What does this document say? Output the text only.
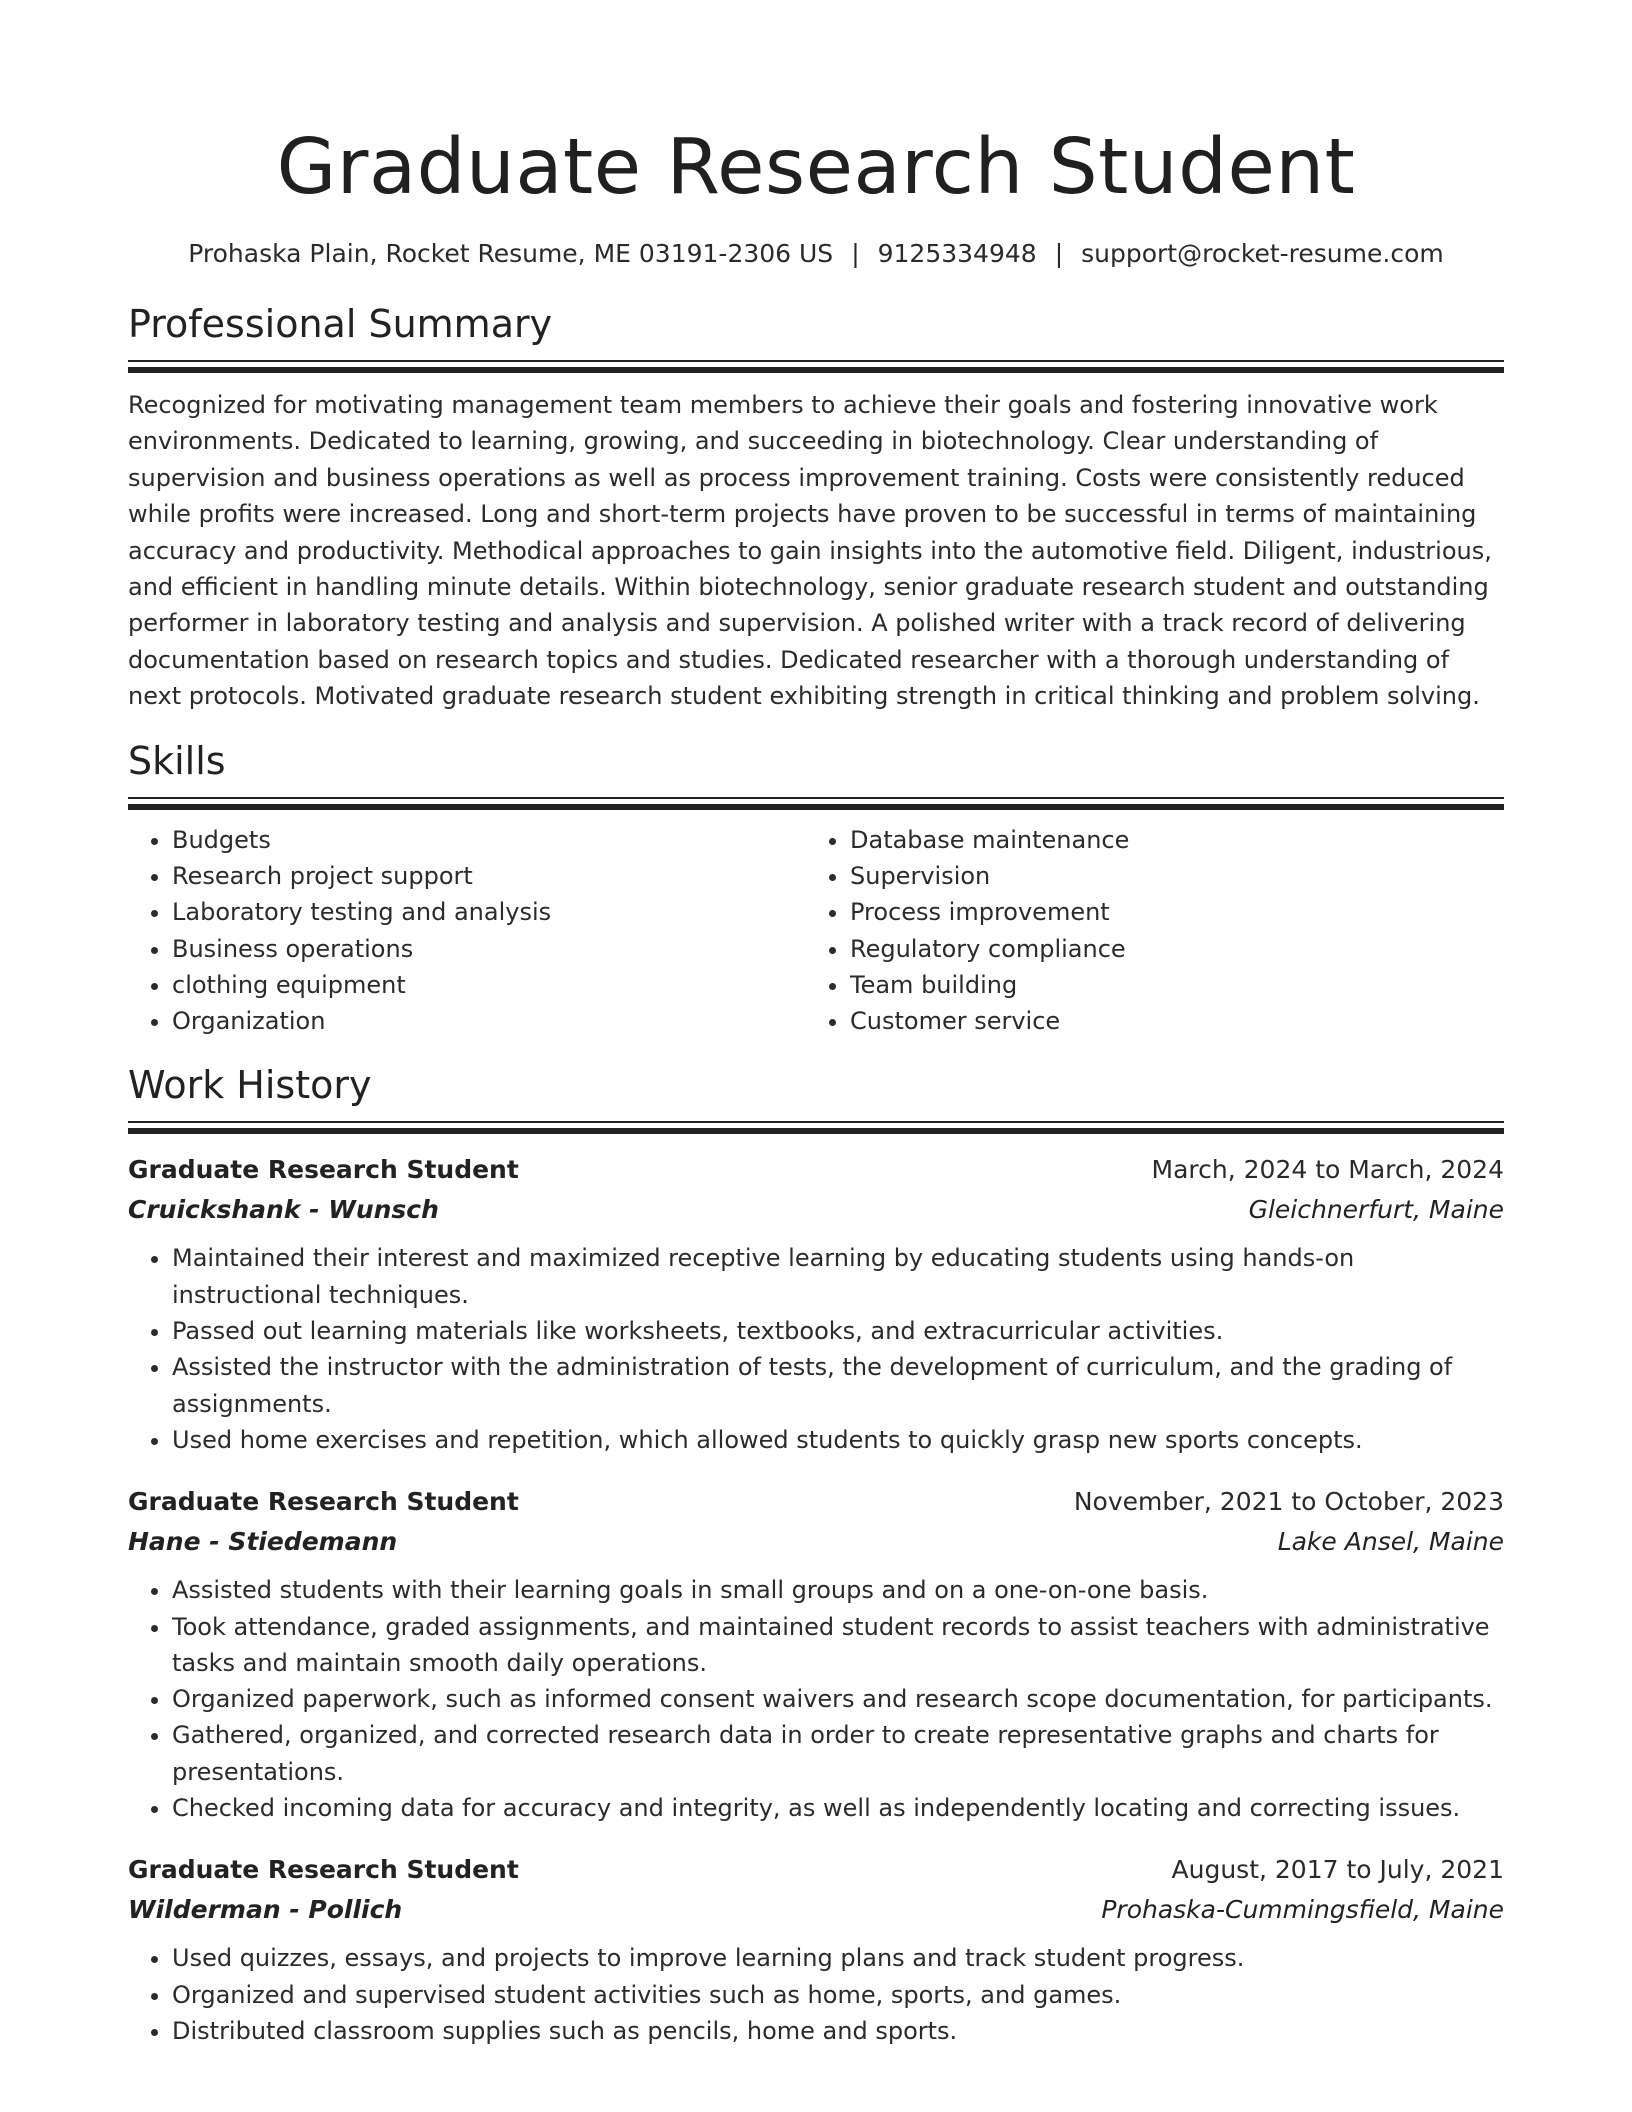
Graduate Research Student
Prohaska Plain, Rocket Resume, ME 03191-2306 US | 9125334948 | support@rocket-resume.com
Professional Summary

Recognized for motivating management team members to achieve their goals and fostering innovative work environments. Dedicated to learning, growing, and succeeding in biotechnology. Clear understanding of supervision and business operations as well as process improvement training. Costs were consistently reduced while profits were increased. Long and short-term projects have proven to be successful in terms of maintaining accuracy and productivity. Methodical approaches to gain insights into the automotive field. Diligent, industrious, and efficient in handling minute details. Within biotechnology, senior graduate research student and outstanding performer in laboratory testing and analysis and supervision. A polished writer with a track record of delivering documentation based on research topics and studies. Dedicated researcher with a thorough understanding of next protocols. Motivated graduate research student exhibiting strength in critical thinking and problem solving.

Skills
• Budgets
• Research project support
• Laboratory testing and analysis
• Business operations
• clothing equipment
• Organization
• Database maintenance
• Supervision
• Process improvement
• Regulatory compliance
• Team building
• Customer service
Work History
Graduate Research Student	March, 2024 to March, 2024
Cruickshank - Wunsch	Gleichnerfurt, Maine
• Maintained their interest and maximized receptive learning by educating students using hands-on instructional techniques.
• Passed out learning materials like worksheets, textbooks, and extracurricular activities.
• Assisted the instructor with the administration of tests, the development of curriculum, and the grading of assignments.
• Used home exercises and repetition, which allowed students to quickly grasp new sports concepts.
Graduate Research Student	November, 2021 to October, 2023
Hane - Stiedemann	Lake Ansel, Maine
• Assisted students with their learning goals in small groups and on a one-on-one basis.
• Took attendance, graded assignments, and maintained student records to assist teachers with administrative tasks and maintain smooth daily operations.
• Organized paperwork, such as informed consent waivers and research scope documentation, for participants.
• Gathered, organized, and corrected research data in order to create representative graphs and charts for presentations.
• Checked incoming data for accuracy and integrity, as well as independently locating and correcting issues.
Graduate Research Student	August, 2017 to July, 2021
Wilderman - Pollich	Prohaska-Cummingsfield, Maine
• Used quizzes, essays, and projects to improve learning plans and track student progress.
• Organized and supervised student activities such as home, sports, and games.
• Distributed classroom supplies such as pencils, home and sports.
